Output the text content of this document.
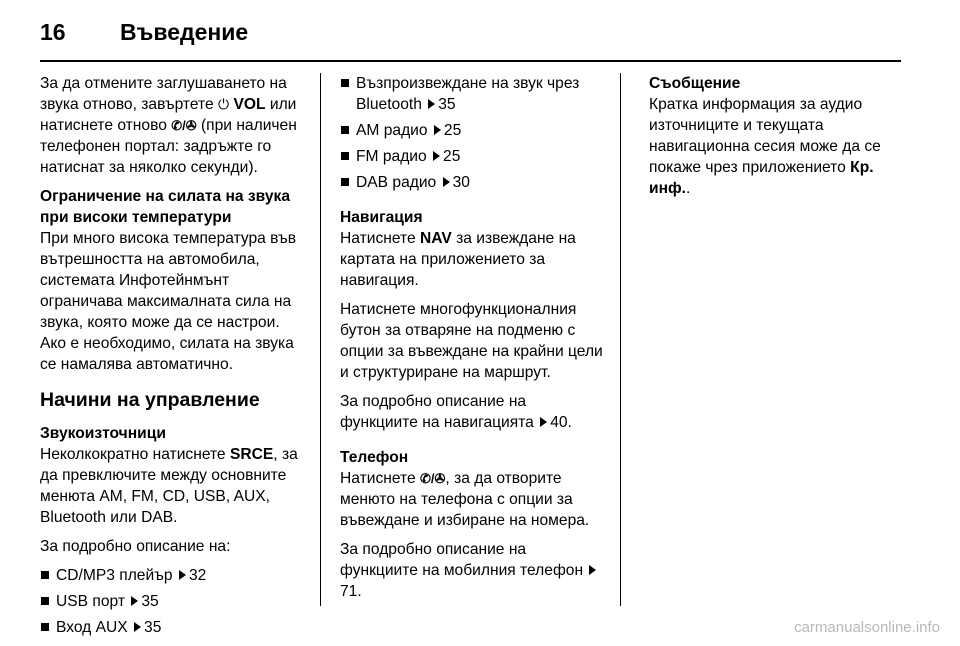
16 Въведение

За да отмените заглушаването на звука отново, завъртете ⏻ VOL или натиснете отново ✆/✇ (при наличен телефонен портал: задръжте го натиснат за няколко секунди).

Ограничение на силата на звука при високи температури

При много висока температура във вътрешността на автомобила, системата Инфотейнмънт ограничава максималната сила на звука, която може да се настрои. Ако е необходимо, силата на звука се намалява автоматично.

Начини на управление

Звукоизточници

Неколкократно натиснете SRCE, за да превключите между основните менюта AM, FM, CD, USB, AUX, Bluetooth или DAB.

За подробно описание на:

CD/MP3 плейър 32
USB порт 35
Вход AUX 35
Възпроизвеждане на звук чрез Bluetooth 35
AM радио 25
FM радио 25
DAB радио 30

Навигация

Натиснете NAV за извеждане на картата на приложението за навигация.

Натиснете многофункционалния бутон за отваряне на подменю с опции за въвеждане на крайни цели и структуриране на маршрут.

За подробно описание на функциите на навигацията 40.

Телефон

Натиснете ✆/✇, за да отворите менюто на телефона с опции за въвеждане и избиране на номера.

За подробно описание на функциите на мобилния телефон 71.

Съобщение

Кратка информация за аудио източниците и текущата навигационна сесия може да се покаже чрез приложението Кр. инф..

carmanualsonline.info
